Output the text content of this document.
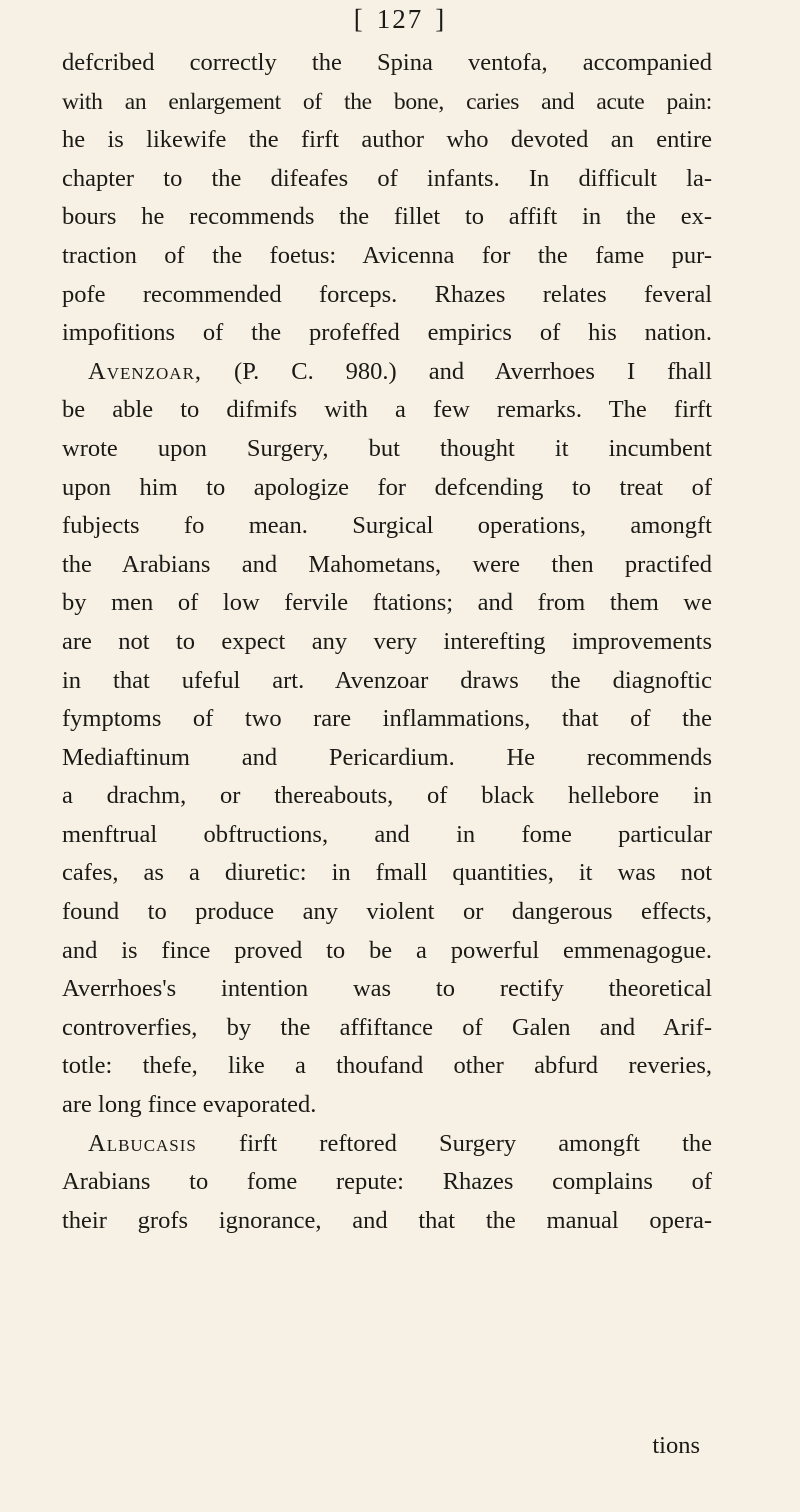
[ 127 ]
defcribed correctly the Spina ventofa, accompanied
with an enlargement of the bone, caries and acute pain:
he is likewife the firft author who devoted an entire
chapter to the difeafes of infants. In difficult la-
bours he recommends the fillet to affift in the ex-
traction of the foetus: Avicenna for the fame pur-
pofe recommended forceps. Rhazes relates feveral
impofitions of the profeffed empirics of his nation.
Avenzoar, (P. C. 980.) and Averrhoes I fhall
be able to difmifs with a few remarks. The firft
wrote upon Surgery, but thought it incumbent
upon him to apologize for defcending to treat of
fubjects fo mean. Surgical operations, amongft
the Arabians and Mahometans, were then practifed
by men of low fervile ftations; and from them we
are not to expect any very interefting improvements
in that ufeful art. Avenzoar draws the diagnoftic
fymptoms of two rare inflammations, that of the
Mediaftinum and Pericardium. He recommends
a drachm, or thereabouts, of black hellebore in
menftrual obftructions, and in fome particular
cafes, as a diuretic: in fmall quantities, it was not
found to produce any violent or dangerous effects,
and is fince proved to be a powerful emmenagogue.
Averrhoes's intention was to rectify theoretical
controverfies, by the affiftance of Galen and Arif-
totle: thefe, like a thoufand other abfurd reveries,
are long fince evaporated.
Albucasis firft reftored Surgery amongft the
Arabians to fome repute: Rhazes complains of
their grofs ignorance, and that the manual opera-
tions
